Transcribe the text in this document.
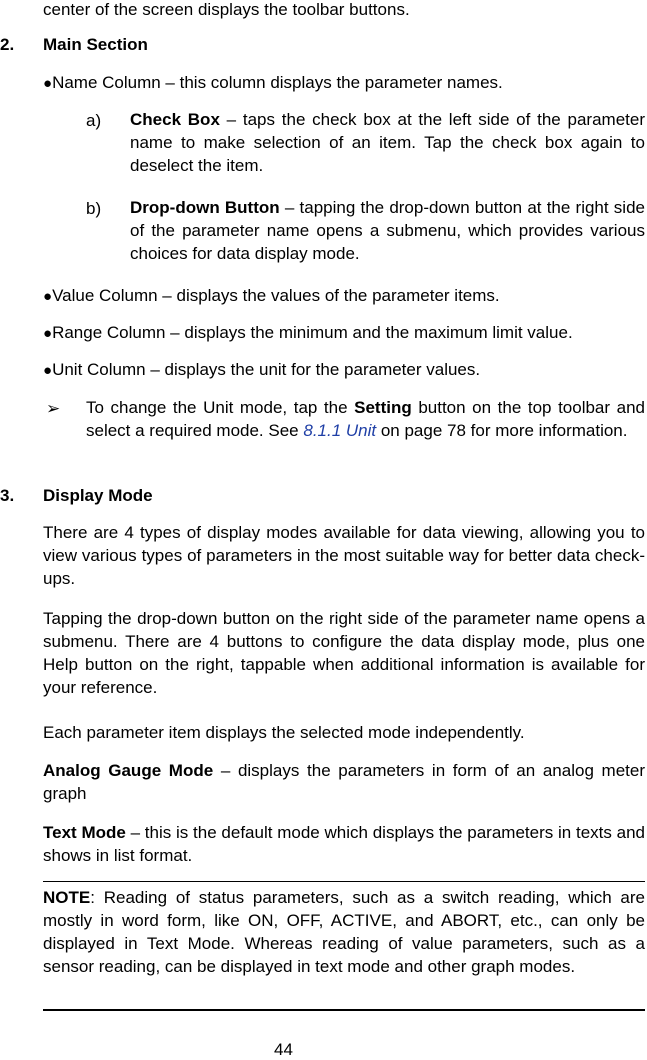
center of the screen displays the toolbar buttons.
2. Main Section
●Name Column – this column displays the parameter names.
a) Check Box – taps the check box at the left side of the parameter name to make selection of an item. Tap the check box again to deselect the item.
b) Drop-down Button – tapping the drop-down button at the right side of the parameter name opens a submenu, which provides various choices for data display mode.
●Value Column – displays the values of the parameter items.
●Range Column – displays the minimum and the maximum limit value.
●Unit Column – displays the unit for the parameter values.
➢ To change the Unit mode, tap the Setting button on the top toolbar and select a required mode. See 8.1.1 Unit on page 78 for more information.
3. Display Mode
There are 4 types of display modes available for data viewing, allowing you to view various types of parameters in the most suitable way for better data check-ups.
Tapping the drop-down button on the right side of the parameter name opens a submenu. There are 4 buttons to configure the data display mode, plus one Help button on the right, tappable when additional information is available for your reference.
Each parameter item displays the selected mode independently.
Analog Gauge Mode – displays the parameters in form of an analog meter graph
Text Mode – this is the default mode which displays the parameters in texts and shows in list format.
NOTE: Reading of status parameters, such as a switch reading, which are mostly in word form, like ON, OFF, ACTIVE, and ABORT, etc., can only be displayed in Text Mode. Whereas reading of value parameters, such as a sensor reading, can be displayed in text mode and other graph modes.
44
